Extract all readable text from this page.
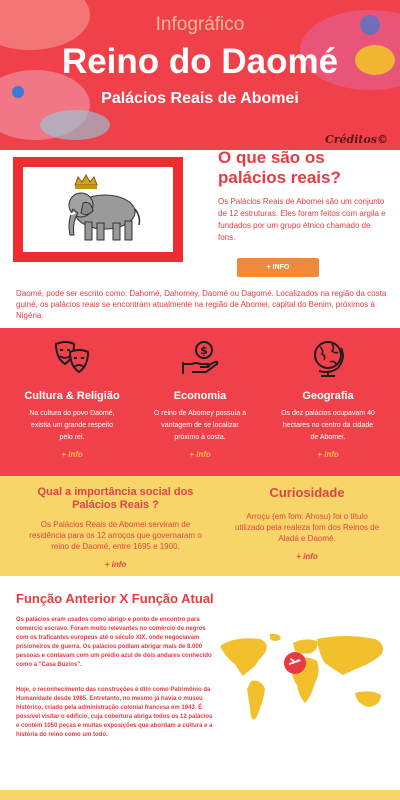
Infográfico
Reino do Daomé
Palácios Reais de Abomei
Créditos©
O que são os palácios reais?
Os Palácios Reais de Abomei são um conjunto de 12 estruturas. Eles foram feitos com argila e fundados por um grupo étnico chamado de fons.
+ INFO
Daomé, pode ser escrito como: Dahomé, Dahomey, Daomé ou Dagomé. Localizados na região da costa guiné, os palácios reais se encontram atualmente na região de Abomei, capital do Benim, próximos à Nigéria.
Cultura & Religião

Na cultura do povo Daomé, existia um grande respeito pelo rei.

+ info
$
Economia

O reino de Abomey possuía a vantagem de se localizar próximo à costa.

+ info
Geografia

Os dez palácios ocupavam 40 hectares no centro da cidade de Abomei.

+ info
Qual a importância social dos Palácios Reais ?

Os Palácios Reais de Abomei serviram de residência para os 12 arroços que governaram o reino de Daomé, entre 1695 e 1900.

+ info
Curiosidade

Arroçu (em fom: Ahosu) foi o título utilizado pela realeza fom dos Reinos de Aladá e Daomé.

+ info
Função Anterior X Função Atual
Os palácios eram usados como abrigo e ponto de encontro para comércio escravo. Foram muito relevantes no comércio de negros com os traficantes europeus até o século XIX, onde negociavam prisioneiros de guerra. Os palácios podiam abrigar mais de 8.000 pessoas e contavam com um prédio azul de dois andares conhecido como a "Casa Búzios".
Hoje, o reconhecimento das construções é dito como Patrimônio da Humanidade desde 1985. Entretanto, no mesmo já havia o museu histórico, criado pela administração colonial francesa em 1943. É possível visitar o edifício, cuja cobertura abriga todos os 12 palácios e contém 1050 peças e muitas exposições que abordam a cultura e a história do reino como um todo.
